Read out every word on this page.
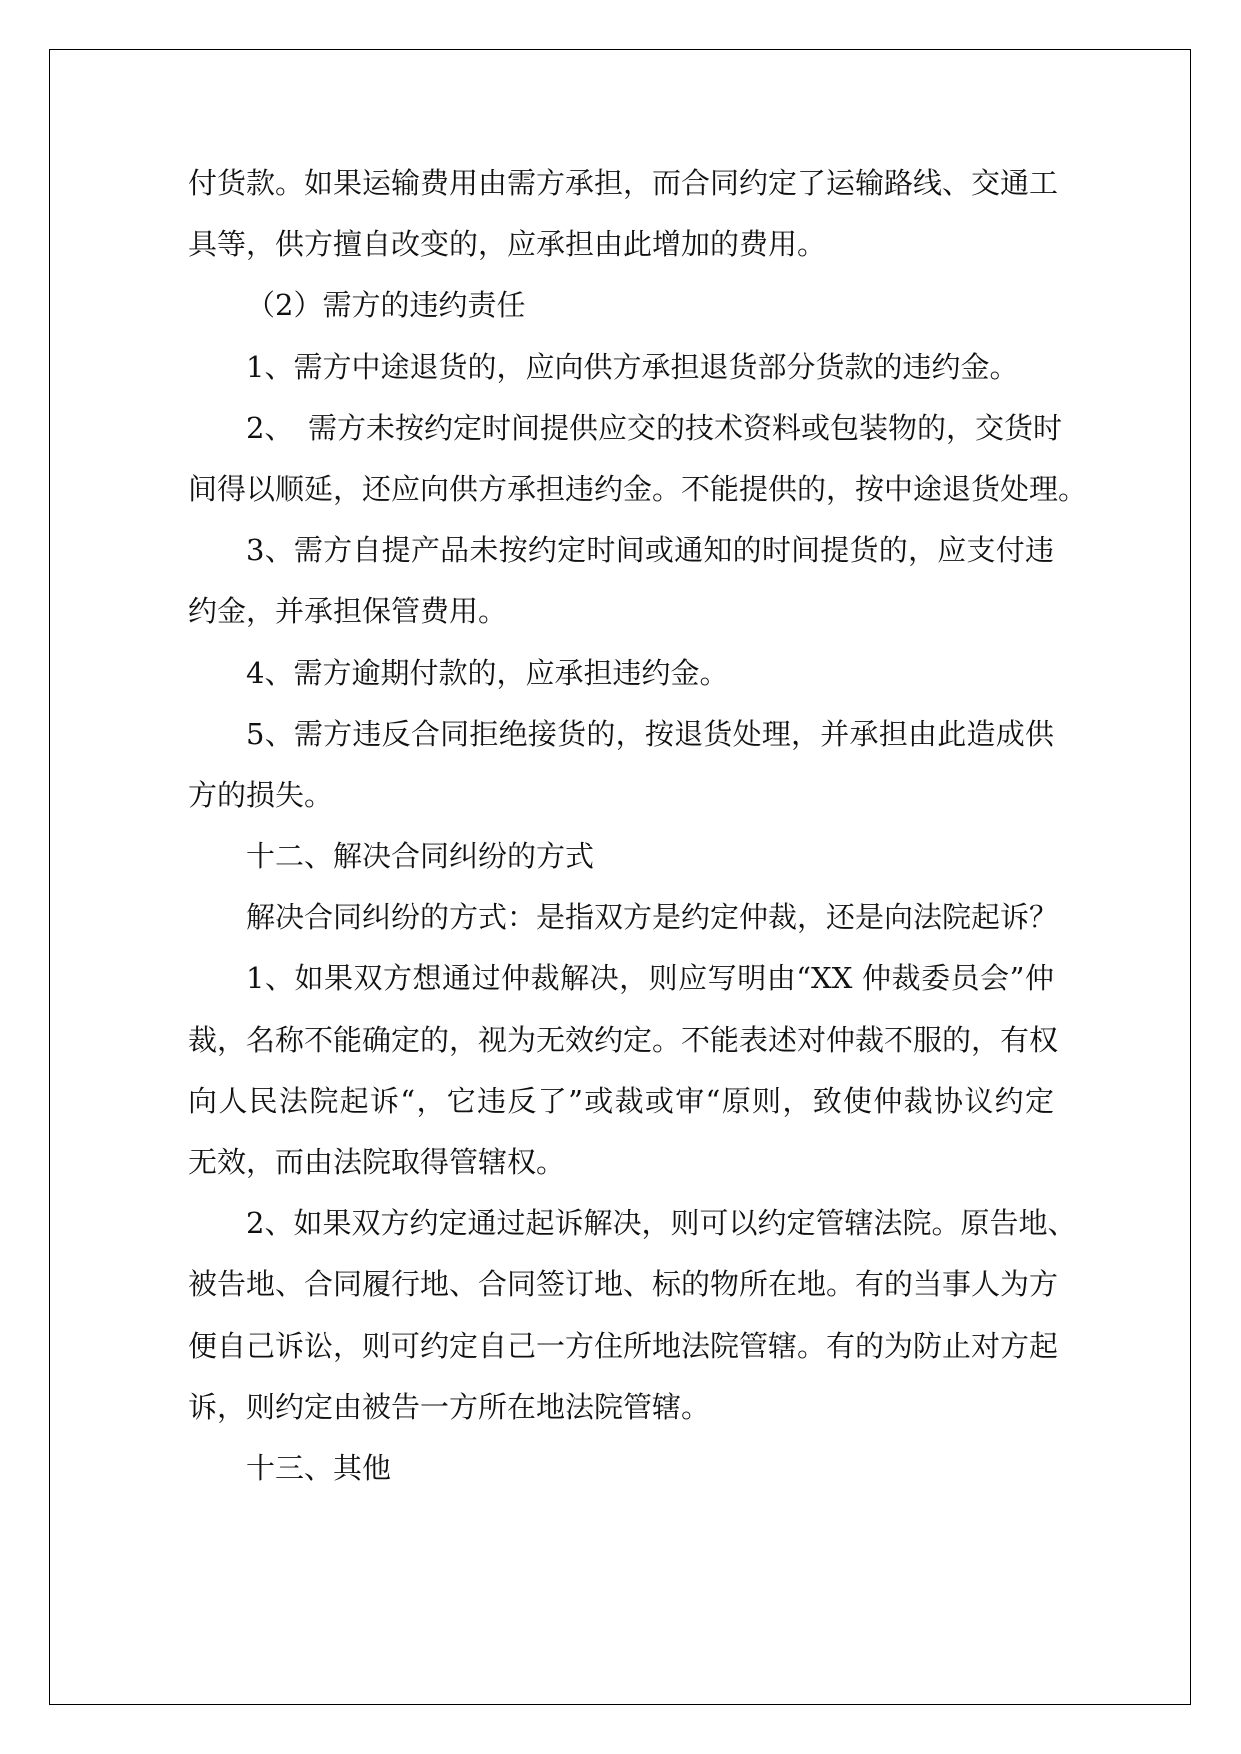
付货款。如果运输费用由需方承担，而合同约定了运输路线、交通工
具等，供方擅自改变的，应承担由此增加的费用。
（2）需方的违约责任
1、需方中途退货的，应向供方承担退货部分货款的违约金。
2、　需方未按约定时间提供应交的技术资料或包装物的，交货时
间得以顺延，还应向供方承担违约金。不能提供的，按中途退货处理。
3、需方自提产品未按约定时间或通知的时间提货的，应支付违
约金，并承担保管费用。
4、需方逾期付款的，应承担违约金。
5、需方违反合同拒绝接货的，按退货处理，并承担由此造成供
方的损失。
十二、解决合同纠纷的方式
解决合同纠纷的方式：是指双方是约定仲裁，还是向法院起诉？
1、如果双方想通过仲裁解决，则应写明由“XX 仲裁委员会”仲
裁，名称不能确定的，视为无效约定。不能表述对仲裁不服的，有权
向人民法院起诉“，它违反了”或裁或审“原则，致使仲裁协议约定
无效，而由法院取得管辖权。
2、如果双方约定通过起诉解决，则可以约定管辖法院。原告地、
被告地、合同履行地、合同签订地、标的物所在地。有的当事人为方
便自己诉讼，则可约定自己一方住所地法院管辖。有的为防止对方起
诉，则约定由被告一方所在地法院管辖。
十三、其他
